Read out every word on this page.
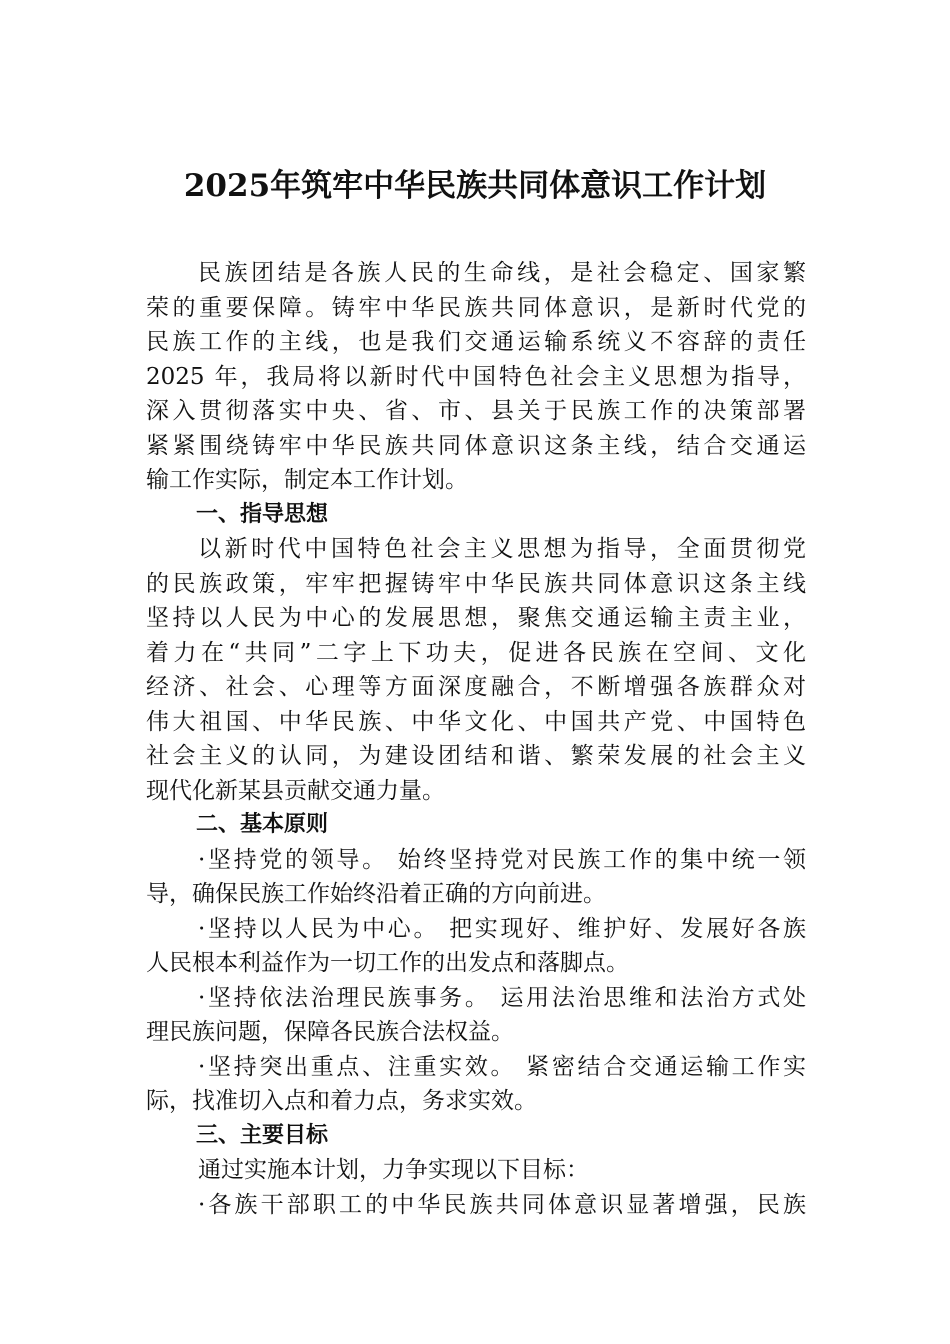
2025年筑牢中华民族共同体意识工作计划
民族团结是各族人民的生命线，是社会稳定、国家繁
荣的重要保障。铸牢中华民族共同体意识，是新时代党的
民族工作的主线，也是我们交通运输系统义不容辞的责任
2025 年，我局将以新时代中国特色社会主义思想为指导，
深入贯彻落实中央、省、市、县关于民族工作的决策部署
紧紧围绕铸牢中华民族共同体意识这条主线，结合交通运
输工作实际，制定本工作计划。
一、指导思想
以新时代中国特色社会主义思想为指导，全面贯彻党
的民族政策，牢牢把握铸牢中华民族共同体意识这条主线
坚持以人民为中心的发展思想，聚焦交通运输主责主业，
着力在“共同”二字上下功夫，促进各民族在空间、文化
经济、社会、心理等方面深度融合，不断增强各族群众对
伟大祖国、中华民族、中华文化、中国共产党、中国特色
社会主义的认同，为建设团结和谐、繁荣发展的社会主义
现代化新某县贡献交通力量。
二、基本原则
·坚持党的领导。 始终坚持党对民族工作的集中统一领
导，确保民族工作始终沿着正确的方向前进。
·坚持以人民为中心。 把实现好、维护好、发展好各族
人民根本利益作为一切工作的出发点和落脚点。
·坚持依法治理民族事务。 运用法治思维和法治方式处
理民族问题，保障各民族合法权益。
·坚持突出重点、注重实效。 紧密结合交通运输工作实
际，找准切入点和着力点，务求实效。
三、主要目标
通过实施本计划，力争实现以下目标：
·各族干部职工的中华民族共同体意识显著增强，民族
